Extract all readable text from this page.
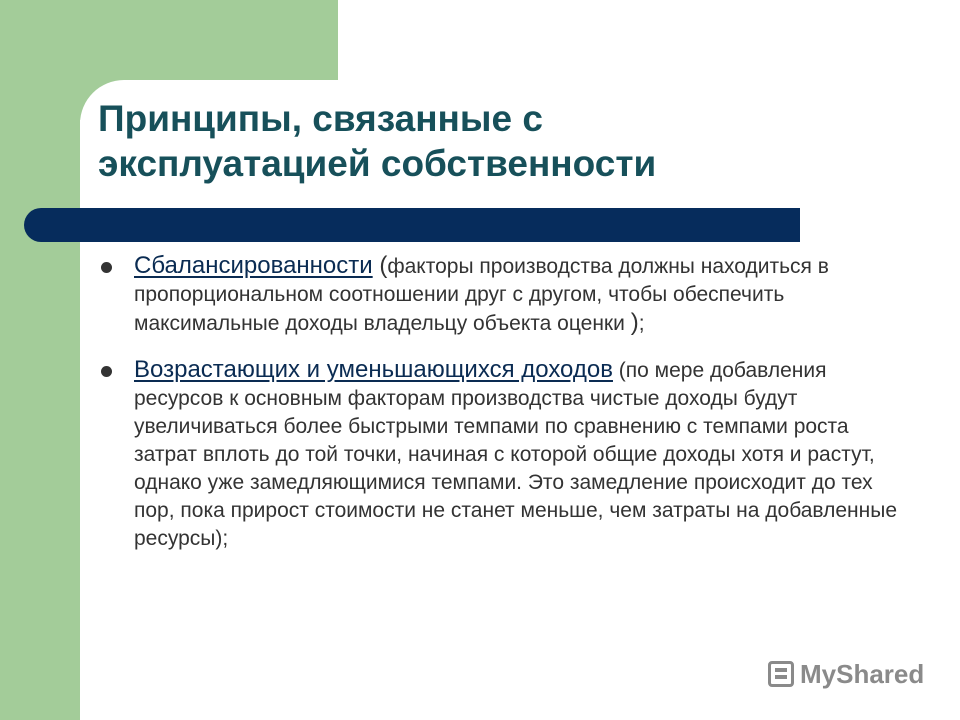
Принципы, связанные с
эксплуатацией собственности
Сбалансированности (факторы производства должны находиться в пропорциональном соотношении друг с другом, чтобы обеспечить максимальные доходы владельцу объекта оценки );
Возрастающих и уменьшающихся доходов (по мере добавления ресурсов к основным факторам производства чистые доходы будут увеличиваться более быстрыми темпами по сравнению с темпами роста затрат вплоть до той точки, начиная с которой общие доходы хотя и растут, однако уже замедляющимися темпами. Это замедление происходит до тех пор, пока прирост стоимости не станет меньше, чем затраты на добавленные ресурсы);
MyShared
